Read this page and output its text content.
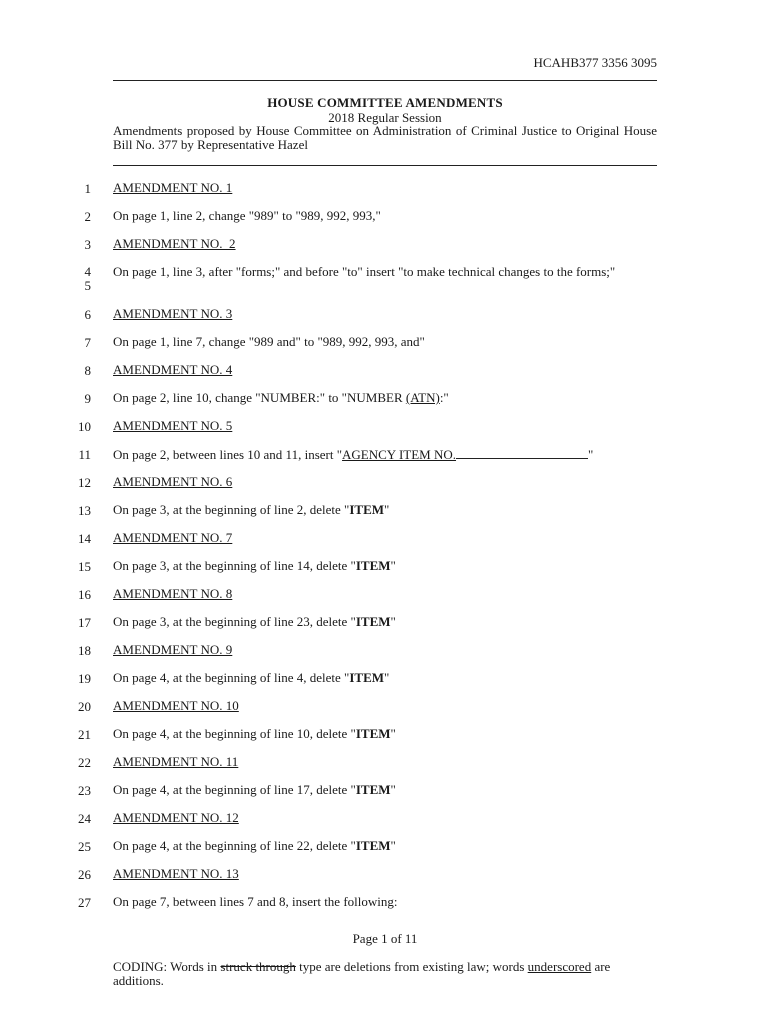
HCAHB377 3356 3095
HOUSE COMMITTEE AMENDMENTS
2018 Regular Session
Amendments proposed by House Committee on Administration of Criminal Justice to Original House Bill No. 377 by Representative Hazel
1 AMENDMENT NO. 1
2 On page 1, line 2, change "989" to "989, 992, 993,"
3 AMENDMENT NO.  2
4
5
On page 1, line 3, after "forms;" and before "to" insert "to make technical changes to the forms;"
6 AMENDMENT NO. 3
7 On page 1, line 7, change "989 and" to "989, 992, 993, and"
8 AMENDMENT NO. 4
9 On page 2, line 10, change "NUMBER:" to "NUMBER (ATN):"
10 AMENDMENT NO. 5
11 On page 2, between lines 10 and 11, insert "AGENCY ITEM NO.	"
12 AMENDMENT NO. 6
13 On page 3, at the beginning of line 2, delete "ITEM"
14 AMENDMENT NO. 7
15 On page 3, at the beginning of line 14, delete "ITEM"
16 AMENDMENT NO. 8
17 On page 3, at the beginning of line 23, delete "ITEM"
18 AMENDMENT NO. 9
19 On page 4, at the beginning of line 4, delete "ITEM"
20 AMENDMENT NO. 10
21 On page 4, at the beginning of line 10, delete "ITEM"
22 AMENDMENT NO. 11
23 On page 4, at the beginning of line 17, delete "ITEM"
24 AMENDMENT NO. 12
25 On page 4, at the beginning of line 22, delete "ITEM"
26 AMENDMENT NO. 13
27 On page 7, between lines 7 and 8, insert the following:
Page 1 of 11
CODING: Words in struck through type are deletions from existing law; words underscored are additions.
